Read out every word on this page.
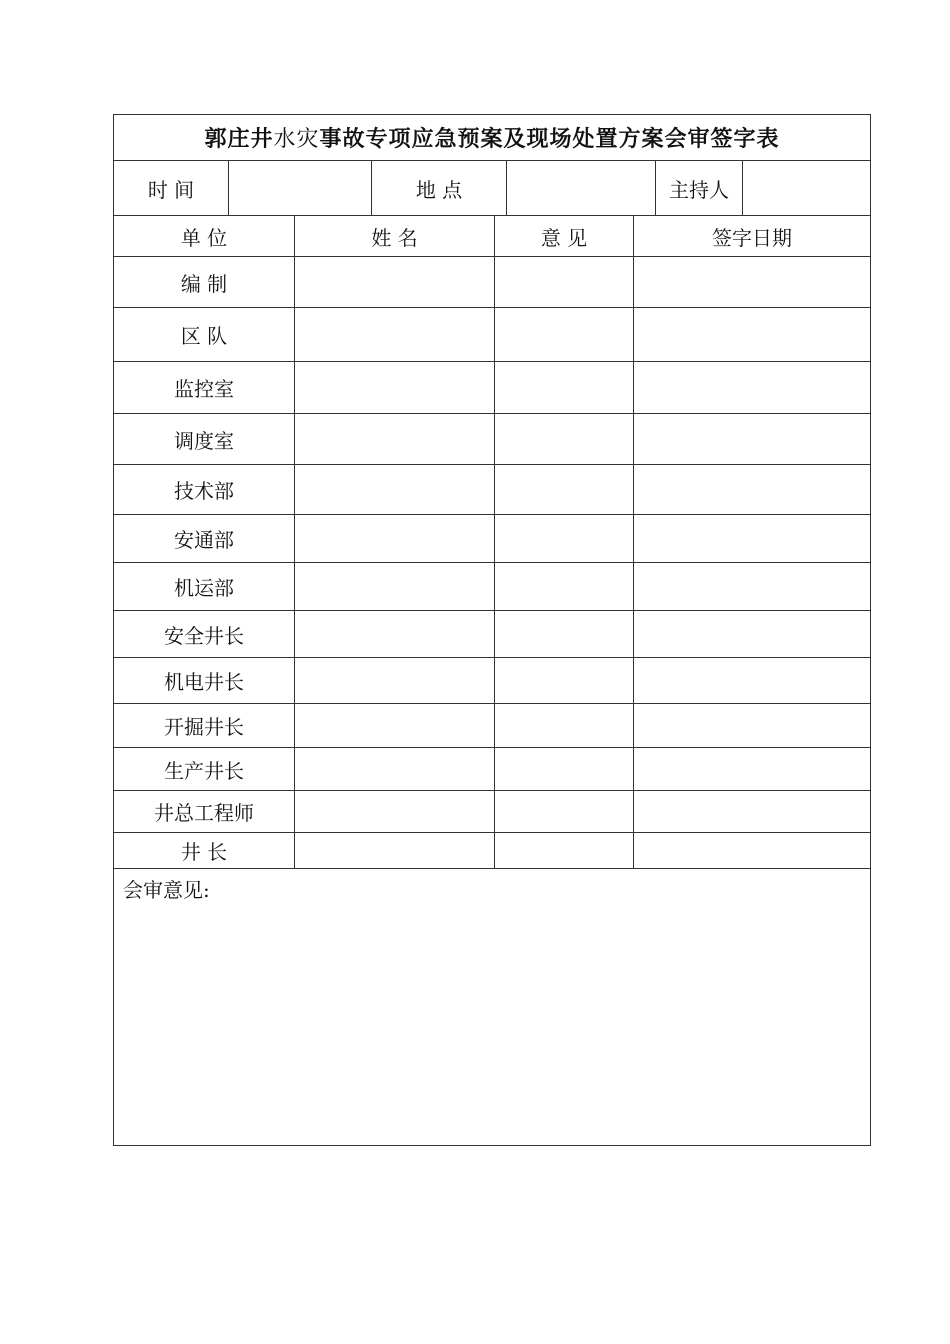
郭庄井 水灾 事故专项应急预案及现场处置方案会审签字表
时 间	地 点	主持人
单 位	姓 名	意 见	签字日期
编 制
区 队
监控室
调度室
技术部
安通部
机运部
安全井长
机电井长
开掘井长
生产井长
井总工程师
井 长
会审意见:
